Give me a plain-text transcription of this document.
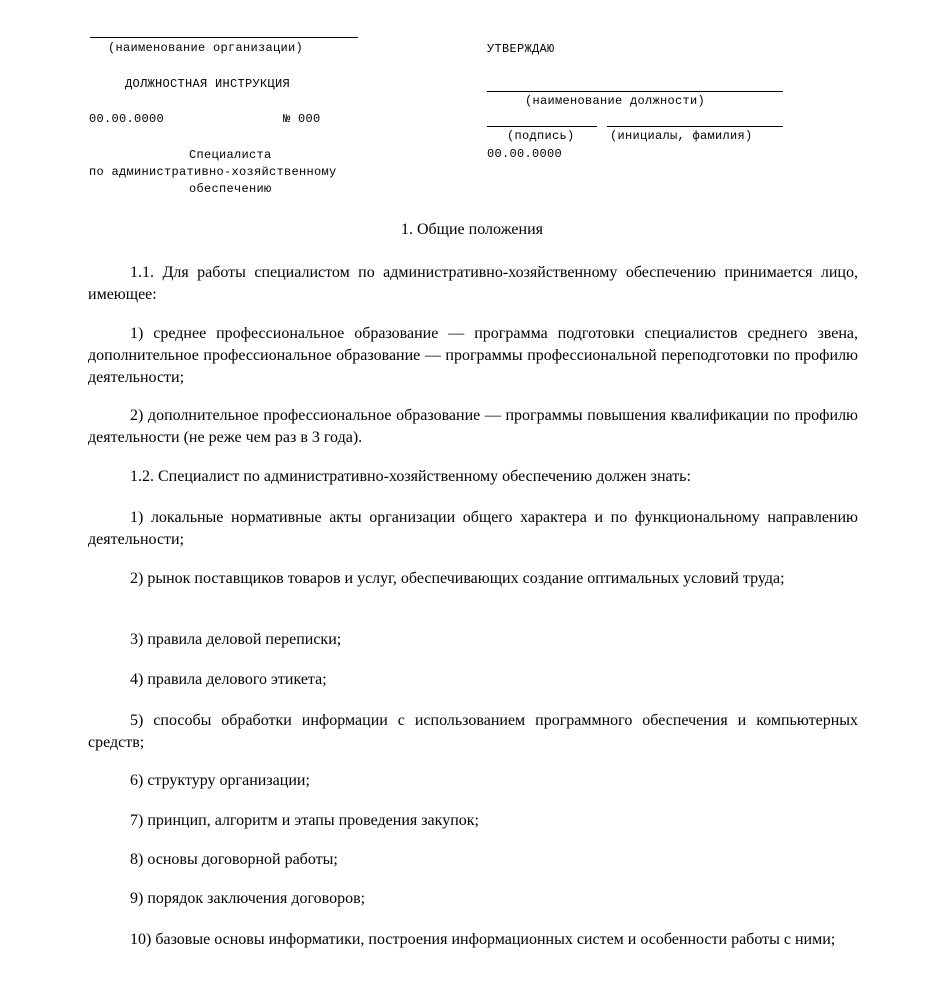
(наименование организации)
ДОЛЖНОСТНАЯ ИНСТРУКЦИЯ
00.00.0000	№ 000
Специалиста
по административно-хозяйственному
обеспечению
УТВЕРЖДАЮ
(наименование должности)
(подпись)	(инициалы, фамилия)
00.00.0000
1. Общие положения

1.1. Для работы специалистом по административно-хозяйственному обеспечению принимается лицо, имеющее:

1) среднее профессиональное образование — программа подготовки специалистов среднего звена, дополнительное профессиональное образование — программы профессиональной переподготовки по профилю деятельности;

2) дополнительное профессиональное образование — программы повышения квалификации по профилю деятельности (не реже чем раз в 3 года).

1.2. Специалист по административно-хозяйственному обеспечению должен знать:

1) локальные нормативные акты организации общего характера и по функциональному направлению деятельности;

2) рынок поставщиков товаров и услуг, обеспечивающих создание оптимальных условий труда;

3) правила деловой переписки;

4) правила делового этикета;

5) способы обработки информации с использованием программного обеспечения и компьютерных средств;

6) структуру организации;

7) принцип, алгоритм и этапы проведения закупок;

8) основы договорной работы;

9) порядок заключения договоров;

10) базовые основы информатики, построения информационных систем и особенности работы с ними;
